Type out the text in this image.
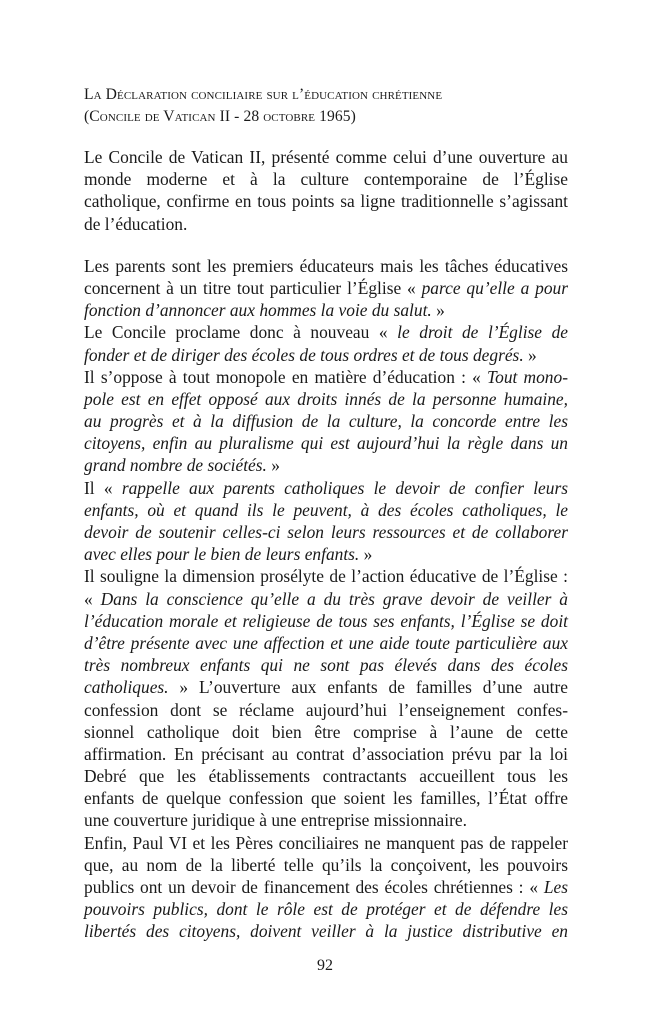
La Déclaration conciliaire sur l’éducation chrétienne
(Concile de Vatican II - 28 octobre 1965)
Le Concile de Vatican II, présenté comme celui d’une ouverture au
monde moderne et à la culture contemporaine de l’Église
catholique, confirme en tous points sa ligne traditionnelle s’agissant
de l’éducation.
Les parents sont les premiers éducateurs mais les tâches éducatives
concernent à un titre tout particulier l’Église « parce qu’elle a pour
fonction d’annoncer aux hommes la voie du salut. »
Le Concile proclame donc à nouveau « le droit de l’Église de
fonder et de diriger des écoles de tous ordres et de tous degrés. »
Il s’oppose à tout monopole en matière d’éducation : « Tout mono-
pole est en effet opposé aux droits innés de la personne humaine,
au progrès et à la diffusion de la culture, la concorde entre les
citoyens, enfin au pluralisme qui est aujourd’hui la règle dans un
grand nombre de sociétés. »
Il « rappelle aux parents catholiques le devoir de confier leurs
enfants, où et quand ils le peuvent, à des écoles catholiques, le
devoir de soutenir celles-ci selon leurs ressources et de collaborer
avec elles pour le bien de leurs enfants. »
Il souligne la dimension prosélyte de l’action éducative de l’Église :
« Dans la conscience qu’elle a du très grave devoir de veiller à
l’éducation morale et religieuse de tous ses enfants, l’Église se doit
d’être présente avec une affection et une aide toute particulière aux
très nombreux enfants qui ne sont pas élevés dans des écoles
catholiques. » L’ouverture aux enfants de familles d’une autre
confession dont se réclame aujourd’hui l’enseignement confes-
sionnel catholique doit bien être comprise à l’aune de cette
affirmation. En précisant au contrat d’association prévu par la loi
Debré que les établissements contractants accueillent tous les
enfants de quelque confession que soient les familles, l’État offre
une couverture juridique à une entreprise missionnaire.
Enfin, Paul VI et les Pères conciliaires ne manquent pas de rappeler
que, au nom de la liberté telle qu’ils la conçoivent, les pouvoirs
publics ont un devoir de financement des écoles chrétiennes : « Les
pouvoirs publics, dont le rôle est de protéger et de défendre les
libertés des citoyens, doivent veiller à la justice distributive en
92
